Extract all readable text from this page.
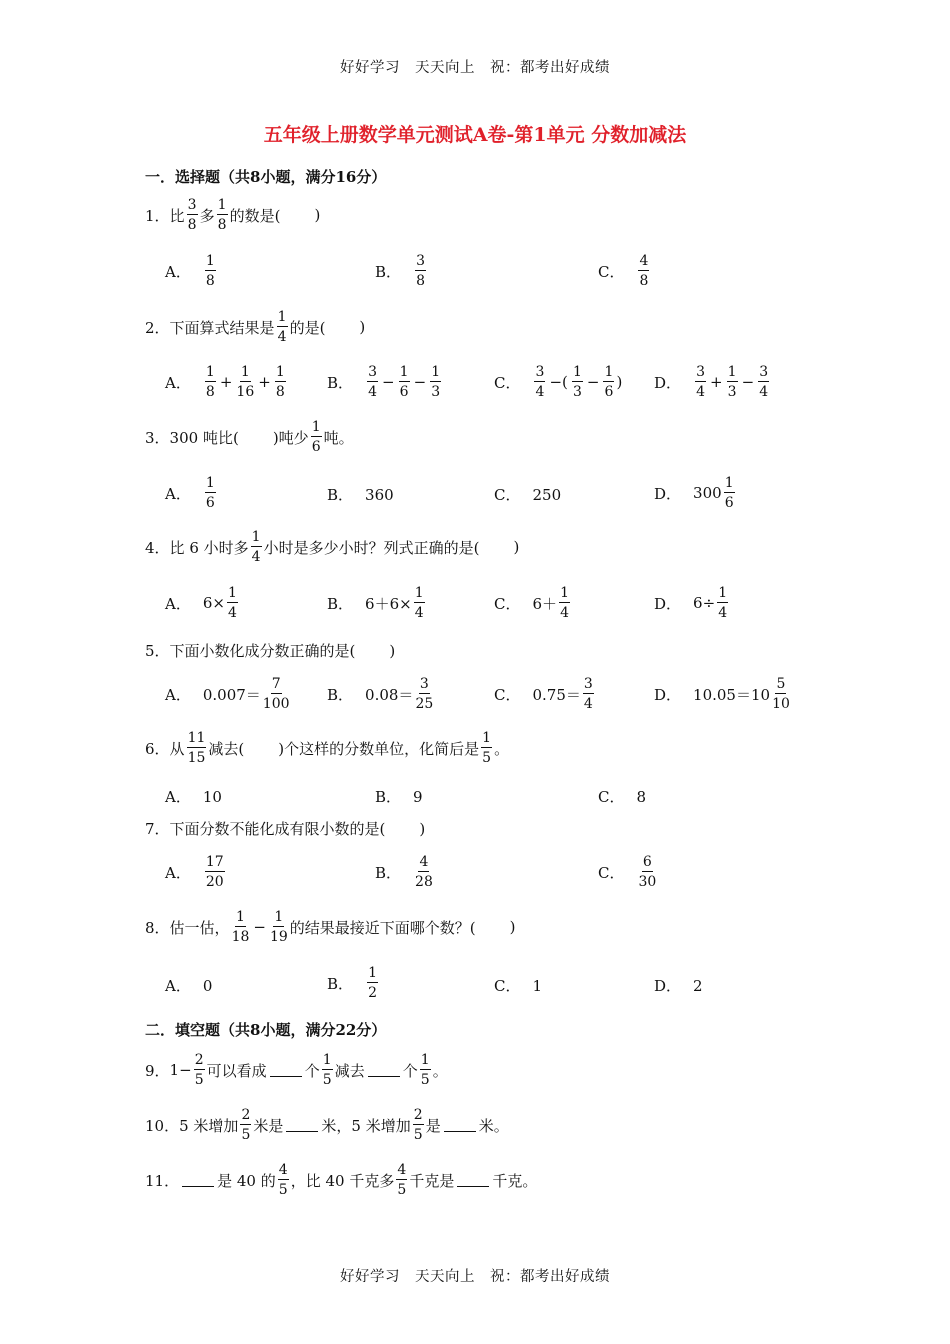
好好学习　天天向上　祝：都考出好成绩
五年级上册数学单元测试A卷-第1单元 分数加减法
一．选择题（共8小题，满分16分）
1． 比 $\frac{3}{8}$ 多 $\frac{1}{8}$ 的数是( )
A． $\frac{1}{8}$	B． $\frac{3}{8}$	C． $\frac{4}{8}$
2． 下面算式结果是 $\frac{1}{4}$ 的是( )
A． $\frac{1}{8} + \frac{1}{16} + \frac{1}{8}$	B． $\frac{3}{4} - \frac{1}{6} - \frac{1}{3}$	C． $\frac{3}{4}$ −( $\frac{1}{3} - \frac{1}{6}$ ) D． $\frac{3}{4} + \frac{1}{3} - \frac{3}{4}$
3． 300 吨比( )吨少 $\frac{1}{6}$ 吨。
A． $\frac{1}{6}$	B． 360	C． 250	D． $300 \frac{1}{6}$
4． 比 6 小时多 $\frac{1}{4}$ 小时是多少小时？列式正确的是( )
A． $6\times \frac{1}{4}$	B． $6+6\times \frac{1}{4}$	C． $6+ \frac{1}{4}$	D． $6\div \frac{1}{4}$
5． 下面小数化成分数正确的是( )
A． $0.007= \frac{7}{100}$ B． $0.08= \frac{3}{25}$	C． $0.75= \frac{3}{4}$	D． $10.05=10 \frac{5}{10}$
6． 从 $\frac{11}{15}$ 减去( )个这样的分数单位，化简后是 $\frac{1}{5}$ 。
A． 10	B． 9	C． 8
7． 下面分数不能化成有限小数的是( )
A． $\frac{17}{20}$	B． $\frac{4}{28}$	C． $\frac{6}{30}$
8． 估一估， $\frac{1}{18} - \frac{1}{19}$ 的结果最接近下面哪个数？( )
A． 0	B． $\frac{1}{2}$	C． 1	D． 2
二．填空题（共8小题，满分22分）
9． $1- \frac{2}{5}$ 可以看成	个 $\frac{1}{5}$ 减去	个 $\frac{1}{5}$ 。
10． 5 米增加 $\frac{2}{5}$ 米是	米，5 米增加 $\frac{2}{5}$ 是	米。
11．	是 40 的 $\frac{4}{5}$ ，比 40 千克多 $\frac{4}{5}$ 千克是	千克。
好好学习　天天向上　祝：都考出好成绩
